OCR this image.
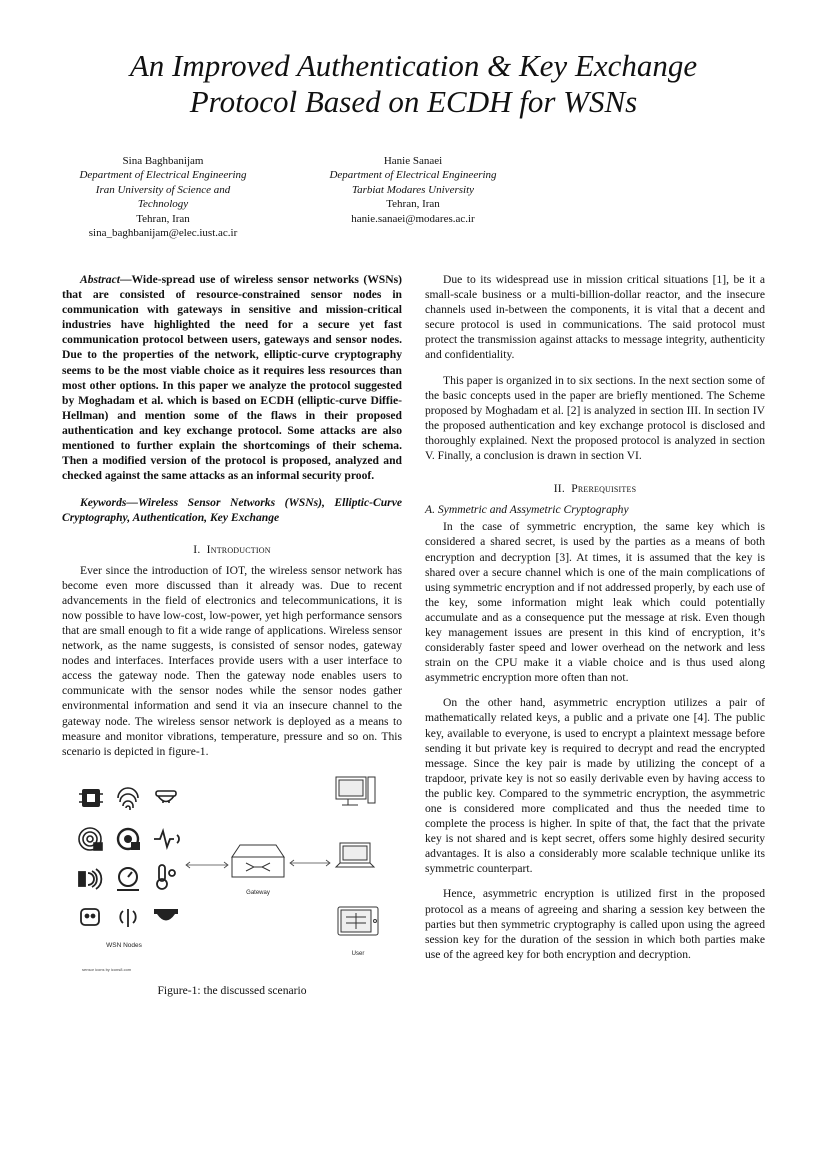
An Improved Authentication & Key Exchange
Protocol Based on ECDH for WSNs
Sina Baghbanijam
Department of Electrical Engineering
Iran University of Science and
Technology
Tehran, Iran
sina_baghbanijam@elec.iust.ac.ir
Hanie Sanaei
Department of Electrical Engineering
Tarbiat Modares University
Tehran, Iran
hanie.sanaei@modares.ac.ir

Abstract—Wide-spread use of wireless sensor networks (WSNs) that are consisted of resource-constrained sensor nodes in communication with gateways in sensitive and mission-critical industries have highlighted the need for a secure yet fast communication protocol between users, gateways and sensor nodes. Due to the properties of the network, elliptic-curve cryptography seems to be the most viable choice as it requires less resources than most other options. In this paper we analyze the protocol suggested by Moghadam et al. which is based on ECDH (elliptic-curve Diffie-Hellman) and mention some of the flaws in their proposed authentication and key exchange protocol. Some attacks are also mentioned to further explain the shortcomings of their schema. Then a modified version of the protocol is proposed, analyzed and checked against the same attacks as an informal security proof.

Keywords—Wireless Sensor Networks (WSNs), Elliptic-Curve Cryptography, Authentication, Key Exchange

I. Introduction

Ever since the introduction of IOT, the wireless sensor network has become even more discussed than it already was. Due to recent advancements in the field of electronics and telecommunications, it is now possible to have low-cost, low-power, yet high performance sensors that are small enough to fit a wide range of applications. Wireless sensor network, as the name suggests, is consisted of sensor nodes, gateway nodes and interfaces. Interfaces provide users with a user interface to access the gateway node. Then the gateway node enables users to communicate with the sensor nodes while the sensor nodes gather environmental information and send it via an insecure channel to the gateway node. The wireless sensor network is deployed as a means to measure and monitor vibrations, temperature, pressure and so on. This scenario is depicted in figure-1.

WSN Nodes
sensor icons by icons8.com
Gateway
User
Figure-1: the discussed scenario

Due to its widespread use in mission critical situations [1], be it a small-scale business or a multi-billion-dollar reactor, and the insecure channels used in-between the components, it is vital that a decent and secure protocol is used in communications. The said protocol must protect the transmission against attacks to message integrity, authenticity and confidentiality.

This paper is organized in to six sections. In the next section some of the basic concepts used in the paper are briefly mentioned. The Scheme proposed by Moghadam et al. [2] is analyzed in section III. In section IV the proposed authentication and key exchange protocol is disclosed and thoroughly explained. Next the proposed protocol is analyzed in section V. Finally, a conclusion is drawn in section VI.

II. Prerequisites
A. Symmetric and Assymetric Cryptography

In the case of symmetric encryption, the same key which is considered a shared secret, is used by the parties as a means of both encryption and decryption [3]. At times, it is assumed that the key is shared over a secure channel which is one of the main complications of using symmetric encryption and if not addressed properly, by each use of the key, some information might leak which could potentially accumulate and as a consequence put the message at risk. Even though key management issues are present in this kind of encryption, it’s considerably faster speed and lower overhead on the network and less strain on the CPU make it a viable choice and is thus used along asymmetric encryption more often than not.

On the other hand, asymmetric encryption utilizes a pair of mathematically related keys, a public and a private one [4]. The public key, available to everyone, is used to encrypt a plaintext message before sending it but private key is required to decrypt and read the encrypted message. Since the key pair is made by utilizing the concept of a trapdoor, private key is not so easily derivable even by having access to the public key. Compared to the symmetric encryption, the asymmetric one is considered more complicated and thus the needed time to complete the process is higher. In spite of that, the fact that the private key is not shared and is kept secret, offers some highly desired security advantages. It is also a considerably more scalable technique unlike its symmetric counterpart.

Hence, asymmetric encryption is utilized first in the proposed protocol as a means of agreeing and sharing a session key between the parties but then symmetric cryptography is called upon using the agreed session key for the duration of the session in which both parties make use of the agreed key for both encryption and decryption.
